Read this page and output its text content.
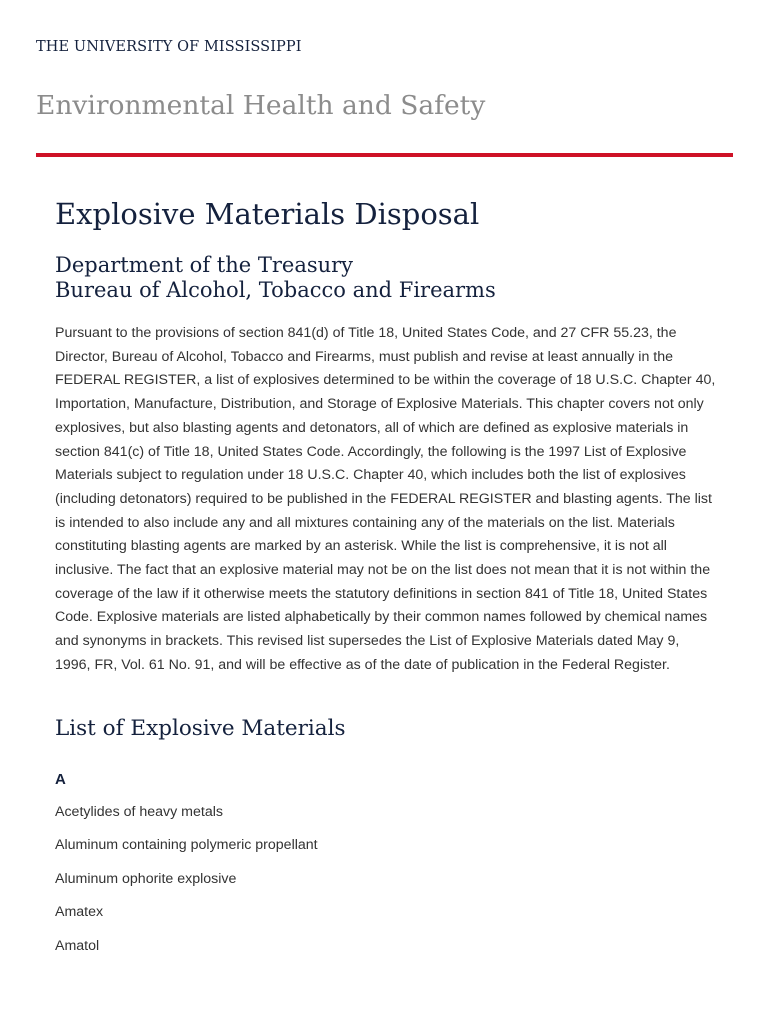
THE UNIVERSITY OF MISSISSIPPI
Environmental Health and Safety
Explosive Materials Disposal
Department of the Treasury
Bureau of Alcohol, Tobacco and Firearms

Pursuant to the provisions of section 841(d) of Title 18, United States Code, and 27 CFR 55.23, the Director, Bureau of Alcohol, Tobacco and Firearms, must publish and revise at least annually in the FEDERAL REGISTER, a list of explosives determined to be within the coverage of 18 U.S.C. Chapter 40, Importation, Manufacture, Distribution, and Storage of Explosive Materials. This chapter covers not only explosives, but also blasting agents and detonators, all of which are defined as explosive materials in section 841(c) of Title 18, United States Code. Accordingly, the following is the 1997 List of Explosive Materials subject to regulation under 18 U.S.C. Chapter 40, which includes both the list of explosives (including detonators) required to be published in the FEDERAL REGISTER and blasting agents. The list is intended to also include any and all mixtures containing any of the materials on the list. Materials constituting blasting agents are marked by an asterisk. While the list is comprehensive, it is not all inclusive. The fact that an explosive material may not be on the list does not mean that it is not within the coverage of the law if it otherwise meets the statutory definitions in section 841 of Title 18, United States Code. Explosive materials are listed alphabetically by their common names followed by chemical names and synonyms in brackets. This revised list supersedes the List of Explosive Materials dated May 9, 1996, FR, Vol. 61 No. 91, and will be effective as of the date of publication in the Federal Register.

List of Explosive Materials
A
Acetylides of heavy metals
Aluminum containing polymeric propellant
Aluminum ophorite explosive
Amatex
Amatol
